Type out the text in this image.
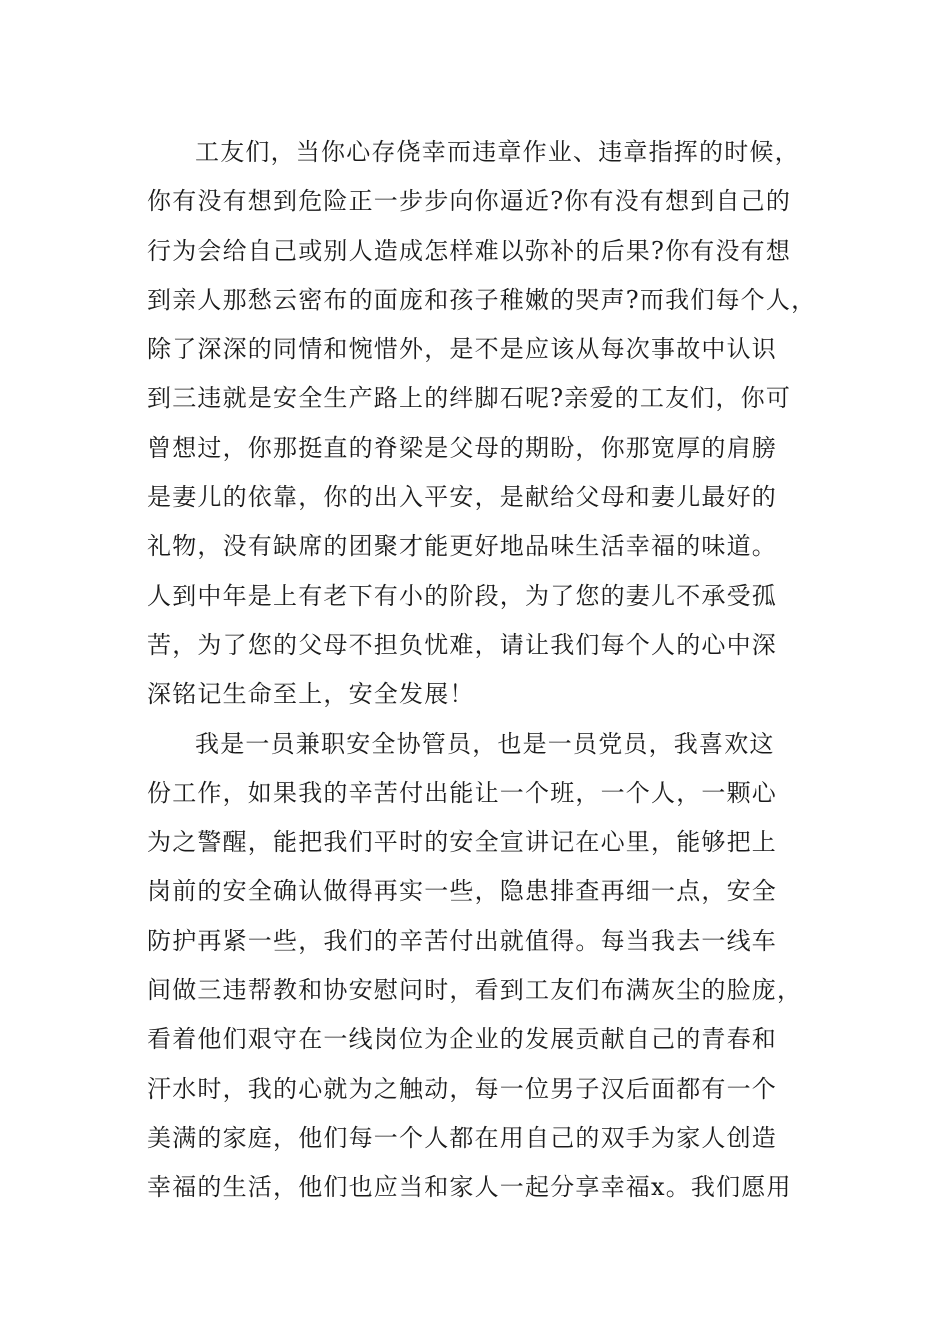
工友们，当你心存侥幸而违章作业、违章指挥的时候，
你有没有想到危险正一步步向你逼近?你有没有想到自己的
行为会给自己或别人造成怎样难以弥补的后果?你有没有想
到亲人那愁云密布的面庞和孩子稚嫩的哭声?而我们每个人，
除了深深的同情和惋惜外，是不是应该从每次事故中认识
到三违就是安全生产路上的绊脚石呢?亲爱的工友们，你可
曾想过，你那挺直的脊梁是父母的期盼，你那宽厚的肩膀
是妻儿的依靠，你的出入平安，是献给父母和妻儿最好的
礼物，没有缺席的团聚才能更好地品味生活幸福的味道。
人到中年是上有老下有小的阶段，为了您的妻儿不承受孤
苦，为了您的父母不担负忧难，请让我们每个人的心中深
深铭记生命至上，安全发展！
我是一员兼职安全协管员，也是一员党员，我喜欢这
份工作，如果我的辛苦付出能让一个班，一个人，一颗心
为之警醒，能把我们平时的安全宣讲记在心里，能够把上
岗前的安全确认做得再实一些，隐患排查再细一点，安全
防护再紧一些，我们的辛苦付出就值得。每当我去一线车
间做三违帮教和协安慰问时，看到工友们布满灰尘的脸庞，
看着他们艰守在一线岗位为企业的发展贡献自己的青春和
汗水时，我的心就为之触动，每一位男子汉后面都有一个
美满的家庭，他们每一个人都在用自己的双手为家人创造
幸福的生活，他们也应当和家人一起分享幸福x。我们愿用
